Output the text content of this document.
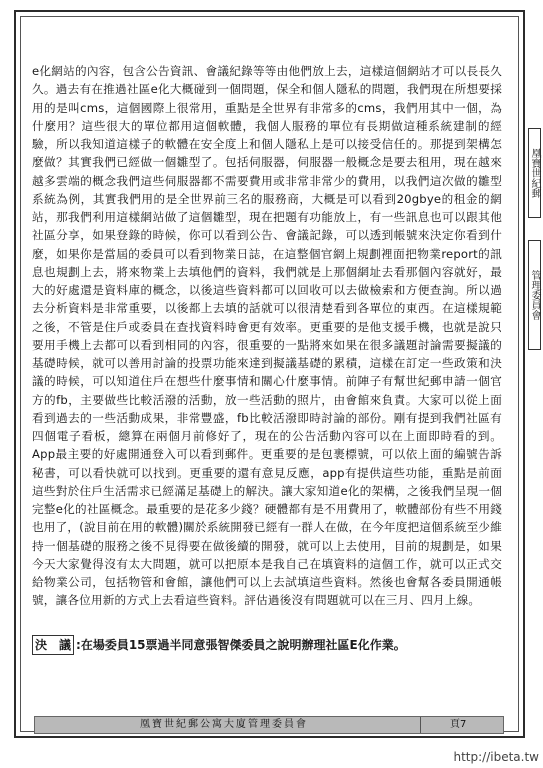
e化網站的內容，包含公告資訊、會議紀錄等等由他們放上去，這樣這個網站才可以長長久久。過去有在推過社區e化大概碰到一個問題，保全和個人隱私的問題，我們現在所想要採用的是叫cms，這個國際上很常用，重點是全世界有非常多的cms，我們用其中一個，為什麼用？這些很大的單位都用這個軟體，我個人服務的單位有長期做這種系統建制的經驗，所以我知道這樣子的軟體在安全度上和個人隱私上是可以接受信任的。那提到架構怎麼做？其實我們已經做一個雛型了。包括伺服器，伺服器一般概念是要去租用，現在越來越多雲端的概念我們這些伺服器都不需要費用或非常非常少的費用，以我們這次做的雛型系統為例，其實我們用的是全世界前三名的服務商，大概是可以看到20gbye的租金的網站，那我們利用這樣網站做了這個雛型，現在把題有功能放上，有一些訊息也可以跟其他社區分享，如果登錄的時候，你可以看到公告、會議記錄，可以透到帳號來決定你看到什麼，如果你是當屆的委員可以看到物業日誌，在這整個官網上規劃裡面把物業report的訊息也規劃上去，將來物業上去填他們的資料，我們就是上那個網址去看那個內容就好，最大的好處還是資料庫的概念，以後這些資料都可以回收可以去做檢索和方便查詢。所以過去分析資料是非常重要，以後都上去填的話就可以很清楚看到各單位的東西。在這樣規範之後，不管是住戶或委員在查找資料時會更有效率。更重要的是他支援手機，也就是說只要用手機上去都可以看到相同的內容，很重要的一點將來如果在很多議題討論需要擬議的基礎時候，就可以善用討論的投票功能來達到擬議基礎的累積，這樣在訂定一些政策和決議的時候，可以知道住戶在想些什麼事情和關心什麼事情。前陣子有幫世紀郵申請一個官方的fb，主要做些比較活潑的活動，放一些活動的照片，由會館來負責。大家可以從上面看到過去的一些活動成果，非常豐盛，fb比較活潑即時討論的部份。剛有提到我們社區有四個電子看板，總算在兩個月前修好了，現在的公告活動內容可以在上面即時看的到。App最主要的好處開通登入可以看到郵件。更重要的是包裹標號，可以依上面的編號告訴秘書，可以看快就可以找到。更重要的還有意見反應，app有提供這些功能，重點是前面這些對於住戶生活需求已經滿足基礎上的解決。讓大家知道e化的架構，之後我們呈現一個完整e化的社區概念。最重要的是花多少錢？硬體都有是不用費用了，軟體部份有些不用錢也用了，(說目前在用的軟體)關於系統開發已經有一群人在做，在今年度把這個系統至少維持一個基礎的服務之後不見得要在做後續的開發，就可以上去使用，目前的規劃是，如果今天大家覺得沒有太大問題，就可以把原本是我自己在填資料的這個工作，就可以正式交給物業公司，包括物管和會館，讓他們可以上去試填這些資料。然後也會幫各委員開通帳號，讓各位用新的方式上去看這些資料。評估過後沒有問題就可以在三月、四月上線。

決　議 :在場委員15票過半同意張智傑委員之說明辦理社區E化作業。
凰寶世紀郵公寓大廈管理委員會	頁7
凰寶世紀郵
管理委員會
http://ibeta.tw
